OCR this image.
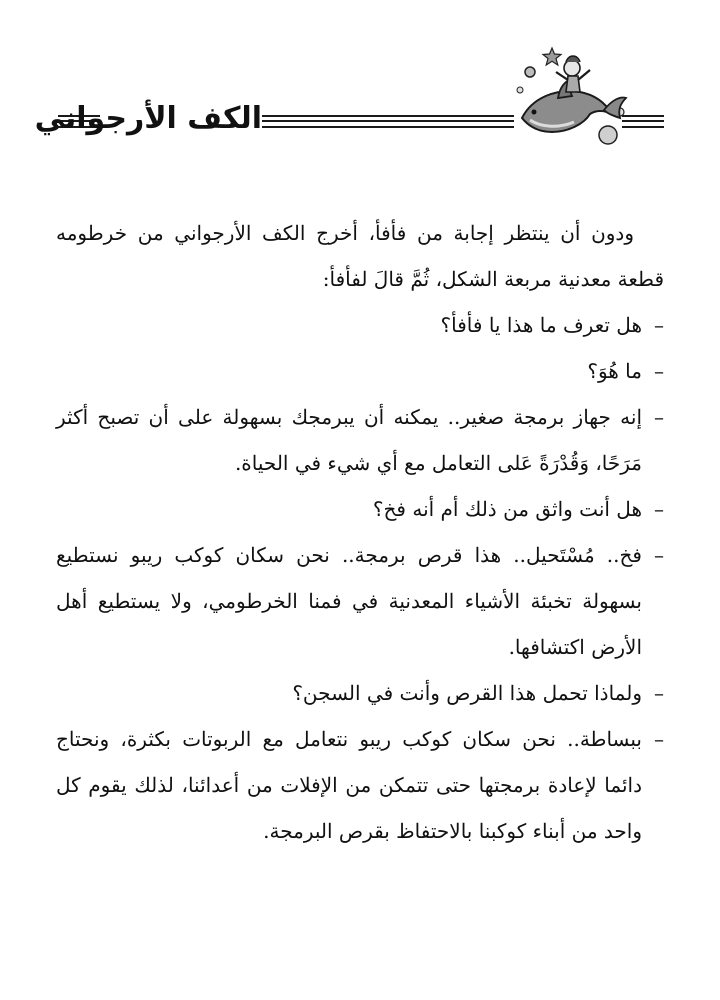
الكف الأرجواني

ودون أن ينتظر إجابة من فأفأ، أخرج الكف الأرجواني من خرطومه قطعة معدنية مربعة الشكل، ثُمَّ قالَ لفأفأ:

–
هل تعرف ما هذا يا فأفأ؟

–
ما هُوَ؟

–
إنه جهاز برمجة صغير.. يمكنه أن يبرمجك بسهولة على أن تصبح أكثر مَرَحًا، وَقُدْرَةً عَلى التعامل مع أي شيء في الحياة.

–
هل أنت واثق من ذلك أم أنه فخ؟

–
فخ.. مُسْتَحيل.. هذا قرص برمجة.. نحن سكان كوكب ريبو نستطيع بسهولة تخبئة الأشياء المعدنية في فمنا الخرطومي، ولا يستطيع أهل الأرض اكتشافها.

–
ولماذا تحمل هذا القرص وأنت في السجن؟

–
ببساطة.. نحن سكان كوكب ريبو نتعامل مع الربوتات بكثرة، ونحتاج دائما لإعادة برمجتها حتى تتمكن من الإفلات من أعدائنا، لذلك يقوم كل واحد من أبناء كوكبنا بالاحتفاظ بقرص البرمجة.
